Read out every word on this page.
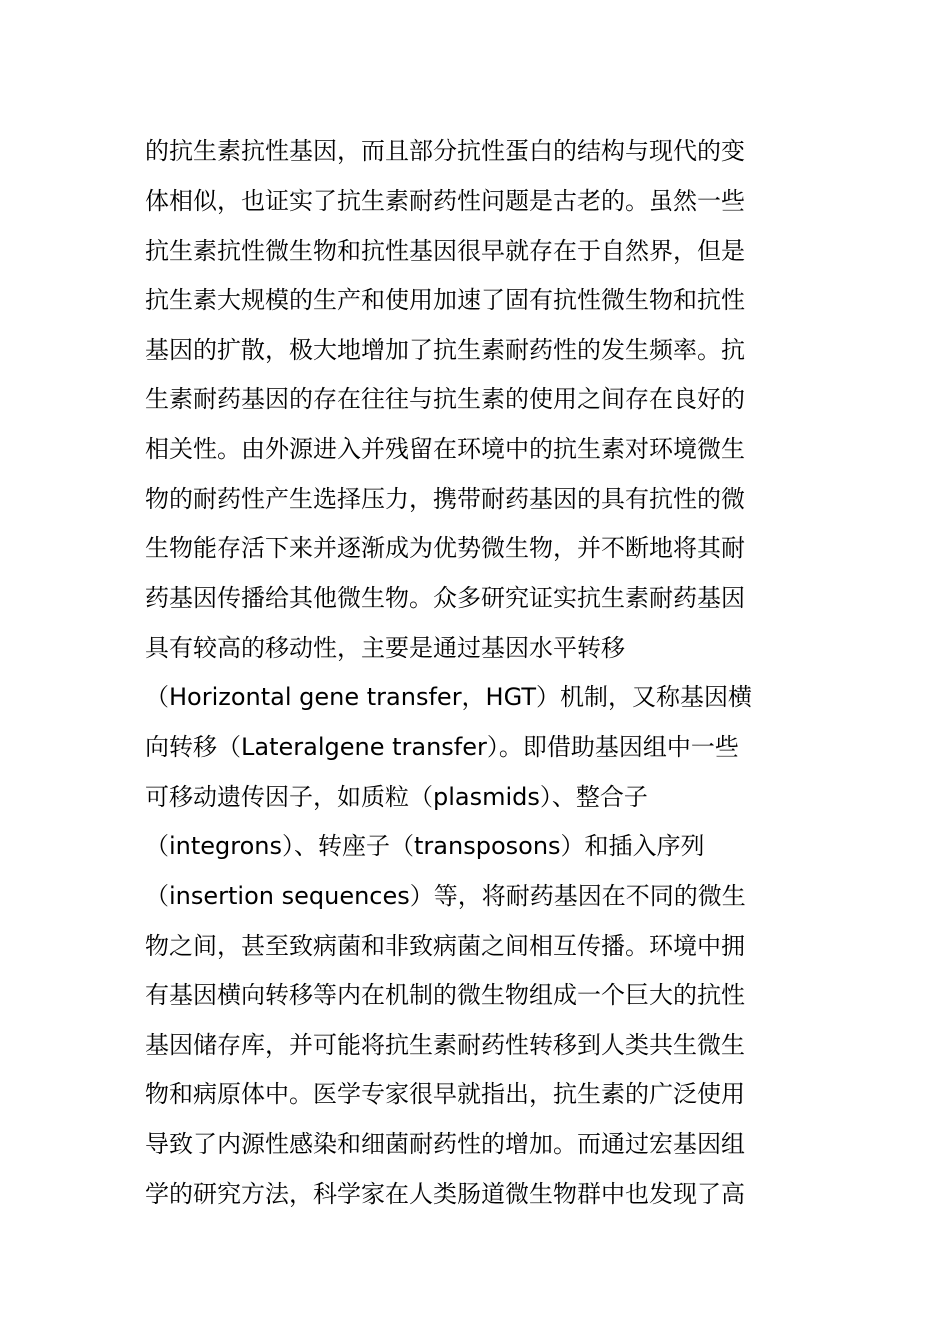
的抗生素抗性基因，而且部分抗性蛋白的结构与现代的变
体相似，也证实了抗生素耐药性问题是古老的。虽然一些
抗生素抗性微生物和抗性基因很早就存在于自然界，但是
抗生素大规模的生产和使用加速了固有抗性微生物和抗性
基因的扩散，极大地增加了抗生素耐药性的发生频率。抗
生素耐药基因的存在往往与抗生素的使用之间存在良好的
相关性。由外源进入并残留在环境中的抗生素对环境微生
物的耐药性产生选择压力，携带耐药基因的具有抗性的微
生物能存活下来并逐渐成为优势微生物，并不断地将其耐
药基因传播给其他微生物。众多研究证实抗生素耐药基因
具有较高的移动性，主要是通过基因水平转移
（Horizontal gene transfer，HGT）机制，又称基因横
向转移（Lateralgene transfer）。即借助基因组中一些
可移动遗传因子，如质粒（plasmids）、整合子
（integrons）、转座子（transposons）和插入序列
（insertion sequences）等，将耐药基因在不同的微生
物之间，甚至致病菌和非致病菌之间相互传播。环境中拥
有基因横向转移等内在机制的微生物组成一个巨大的抗性
基因储存库，并可能将抗生素耐药性转移到人类共生微生
物和病原体中。医学专家很早就指出，抗生素的广泛使用
导致了内源性感染和细菌耐药性的增加。而通过宏基因组
学的研究方法，科学家在人类肠道微生物群中也发现了高
